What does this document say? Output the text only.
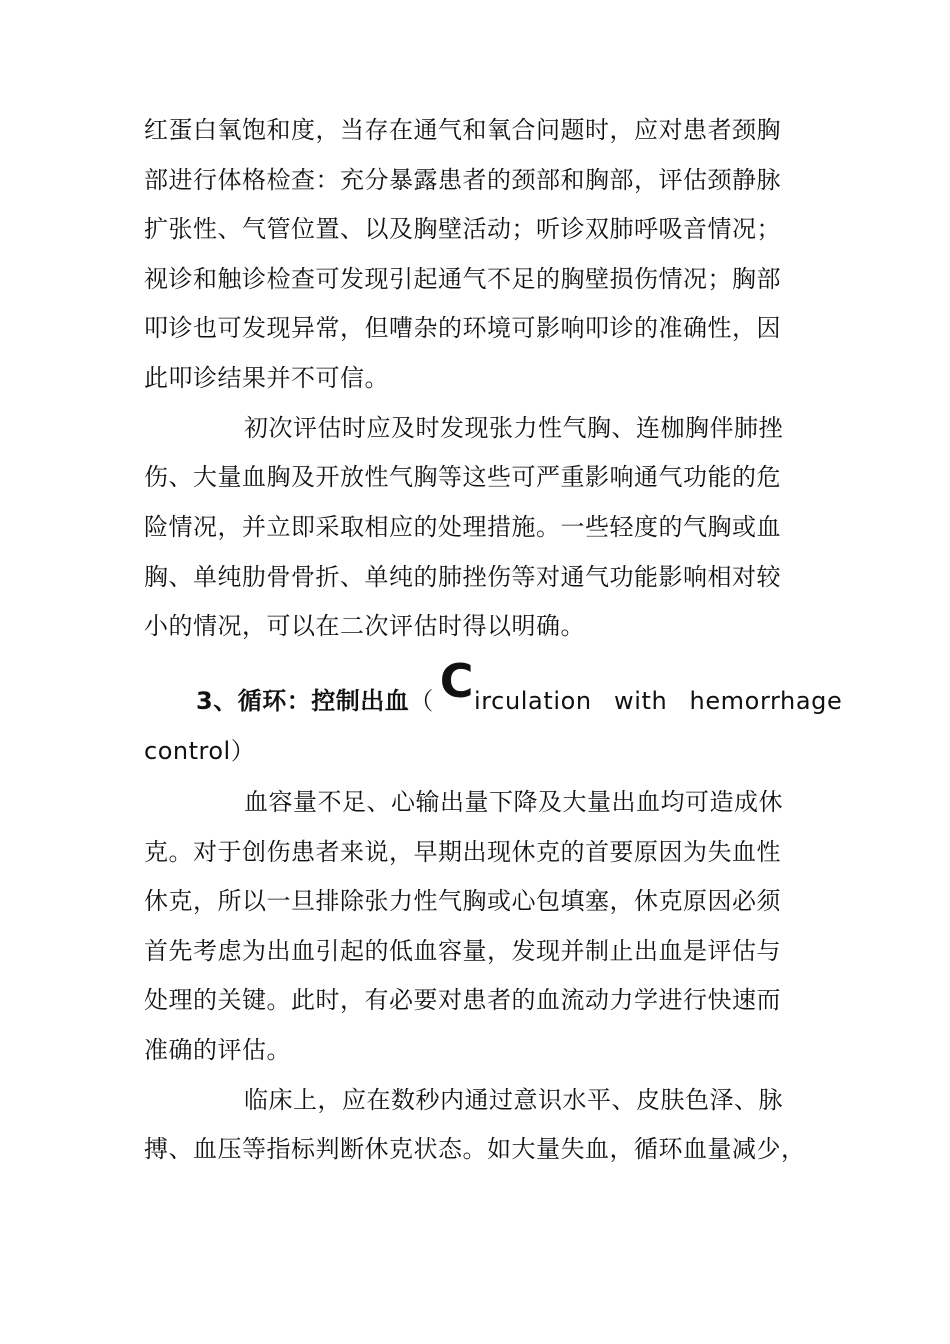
红蛋白氧饱和度，当存在通气和氧合问题时，应对患者颈胸
部进行体格检查：充分暴露患者的颈部和胸部，评估颈静脉
扩张性、气管位置、以及胸壁活动；听诊双肺呼吸音情况；
视诊和触诊检查可发现引起通气不足的胸壁损伤情况；胸部
叩诊也可发现异常，但嘈杂的环境可影响叩诊的准确性，因
此叩诊结果并不可信。
初次评估时应及时发现张力性气胸、连枷胸伴肺挫
伤、大量血胸及开放性气胸等这些可严重影响通气功能的危
险情况，并立即采取相应的处理措施。一些轻度的气胸或血
胸、单纯肋骨骨折、单纯的肺挫伤等对通气功能影响相对较
小的情况，可以在二次评估时得以明确。
3、循环：控制出血（ Circulation with hemorrhage
control）
血容量不足、心输出量下降及大量出血均可造成休
克。对于创伤患者来说，早期出现休克的首要原因为失血性
休克，所以一旦排除张力性气胸或心包填塞，休克原因必须
首先考虑为出血引起的低血容量，发现并制止出血是评估与
处理的关键。此时，有必要对患者的血流动力学进行快速而
准确的评估。
临床上，应在数秒内通过意识水平、皮肤色泽、脉
搏、血压等指标判断休克状态。如大量失血，循环血量减少，
